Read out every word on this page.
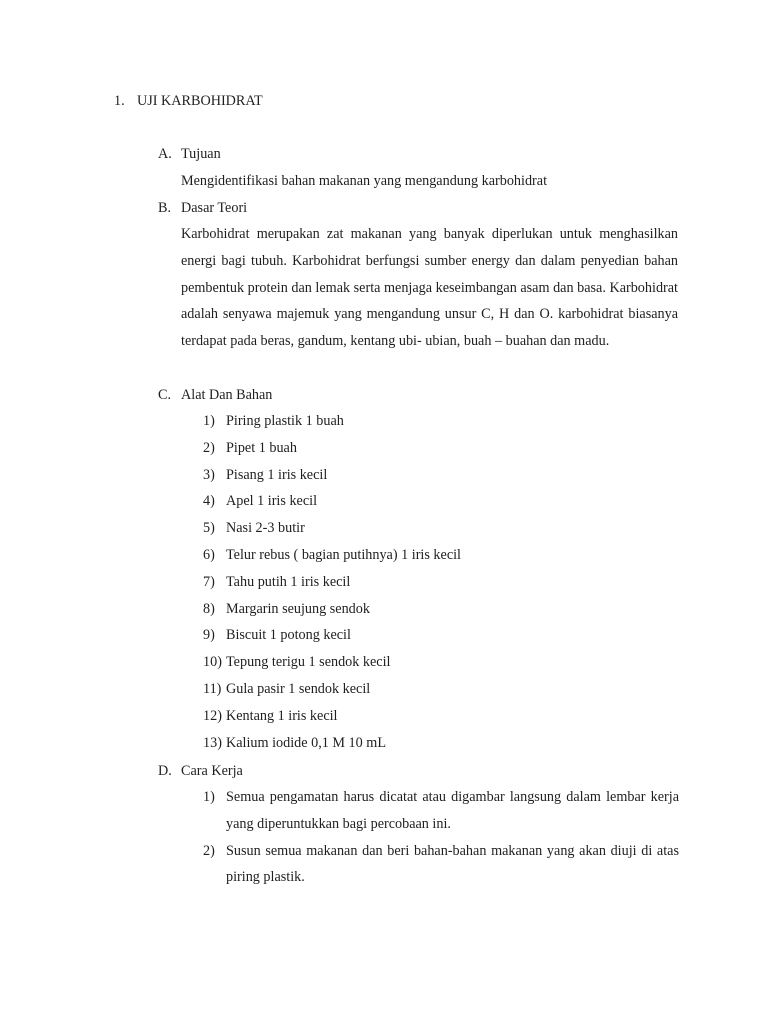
1. UJI KARBOHIDRAT
A. Tujuan
Mengidentifikasi bahan makanan yang mengandung karbohidrat
B. Dasar Teori
Karbohidrat merupakan zat makanan yang banyak diperlukan untuk menghasilkan energi bagi tubuh. Karbohidrat berfungsi sumber energy dan dalam penyedian bahan pembentuk protein dan lemak serta menjaga keseimbangan asam dan basa. Karbohidrat adalah senyawa majemuk yang mengandung unsur C, H dan O. karbohidrat biasanya terdapat pada beras, gandum, kentang ubi- ubian, buah – buahan dan madu.
C. Alat Dan Bahan
1) Piring plastik 1 buah
2) Pipet 1 buah
3) Pisang 1 iris kecil
4) Apel 1 iris kecil
5) Nasi 2-3 butir
6) Telur rebus ( bagian putihnya) 1 iris kecil
7) Tahu putih 1 iris kecil
8) Margarin seujung sendok
9) Biscuit 1 potong kecil
10) Tepung terigu 1 sendok kecil
11) Gula pasir 1 sendok kecil
12) Kentang 1 iris kecil
13) Kalium iodide 0,1 M 10 mL
D. Cara Kerja
1) Semua pengamatan harus dicatat atau digambar langsung dalam lembar kerja yang diperuntukkan bagi percobaan ini.
2) Susun semua makanan dan beri bahan-bahan makanan yang akan diuji di atas piring plastik.
